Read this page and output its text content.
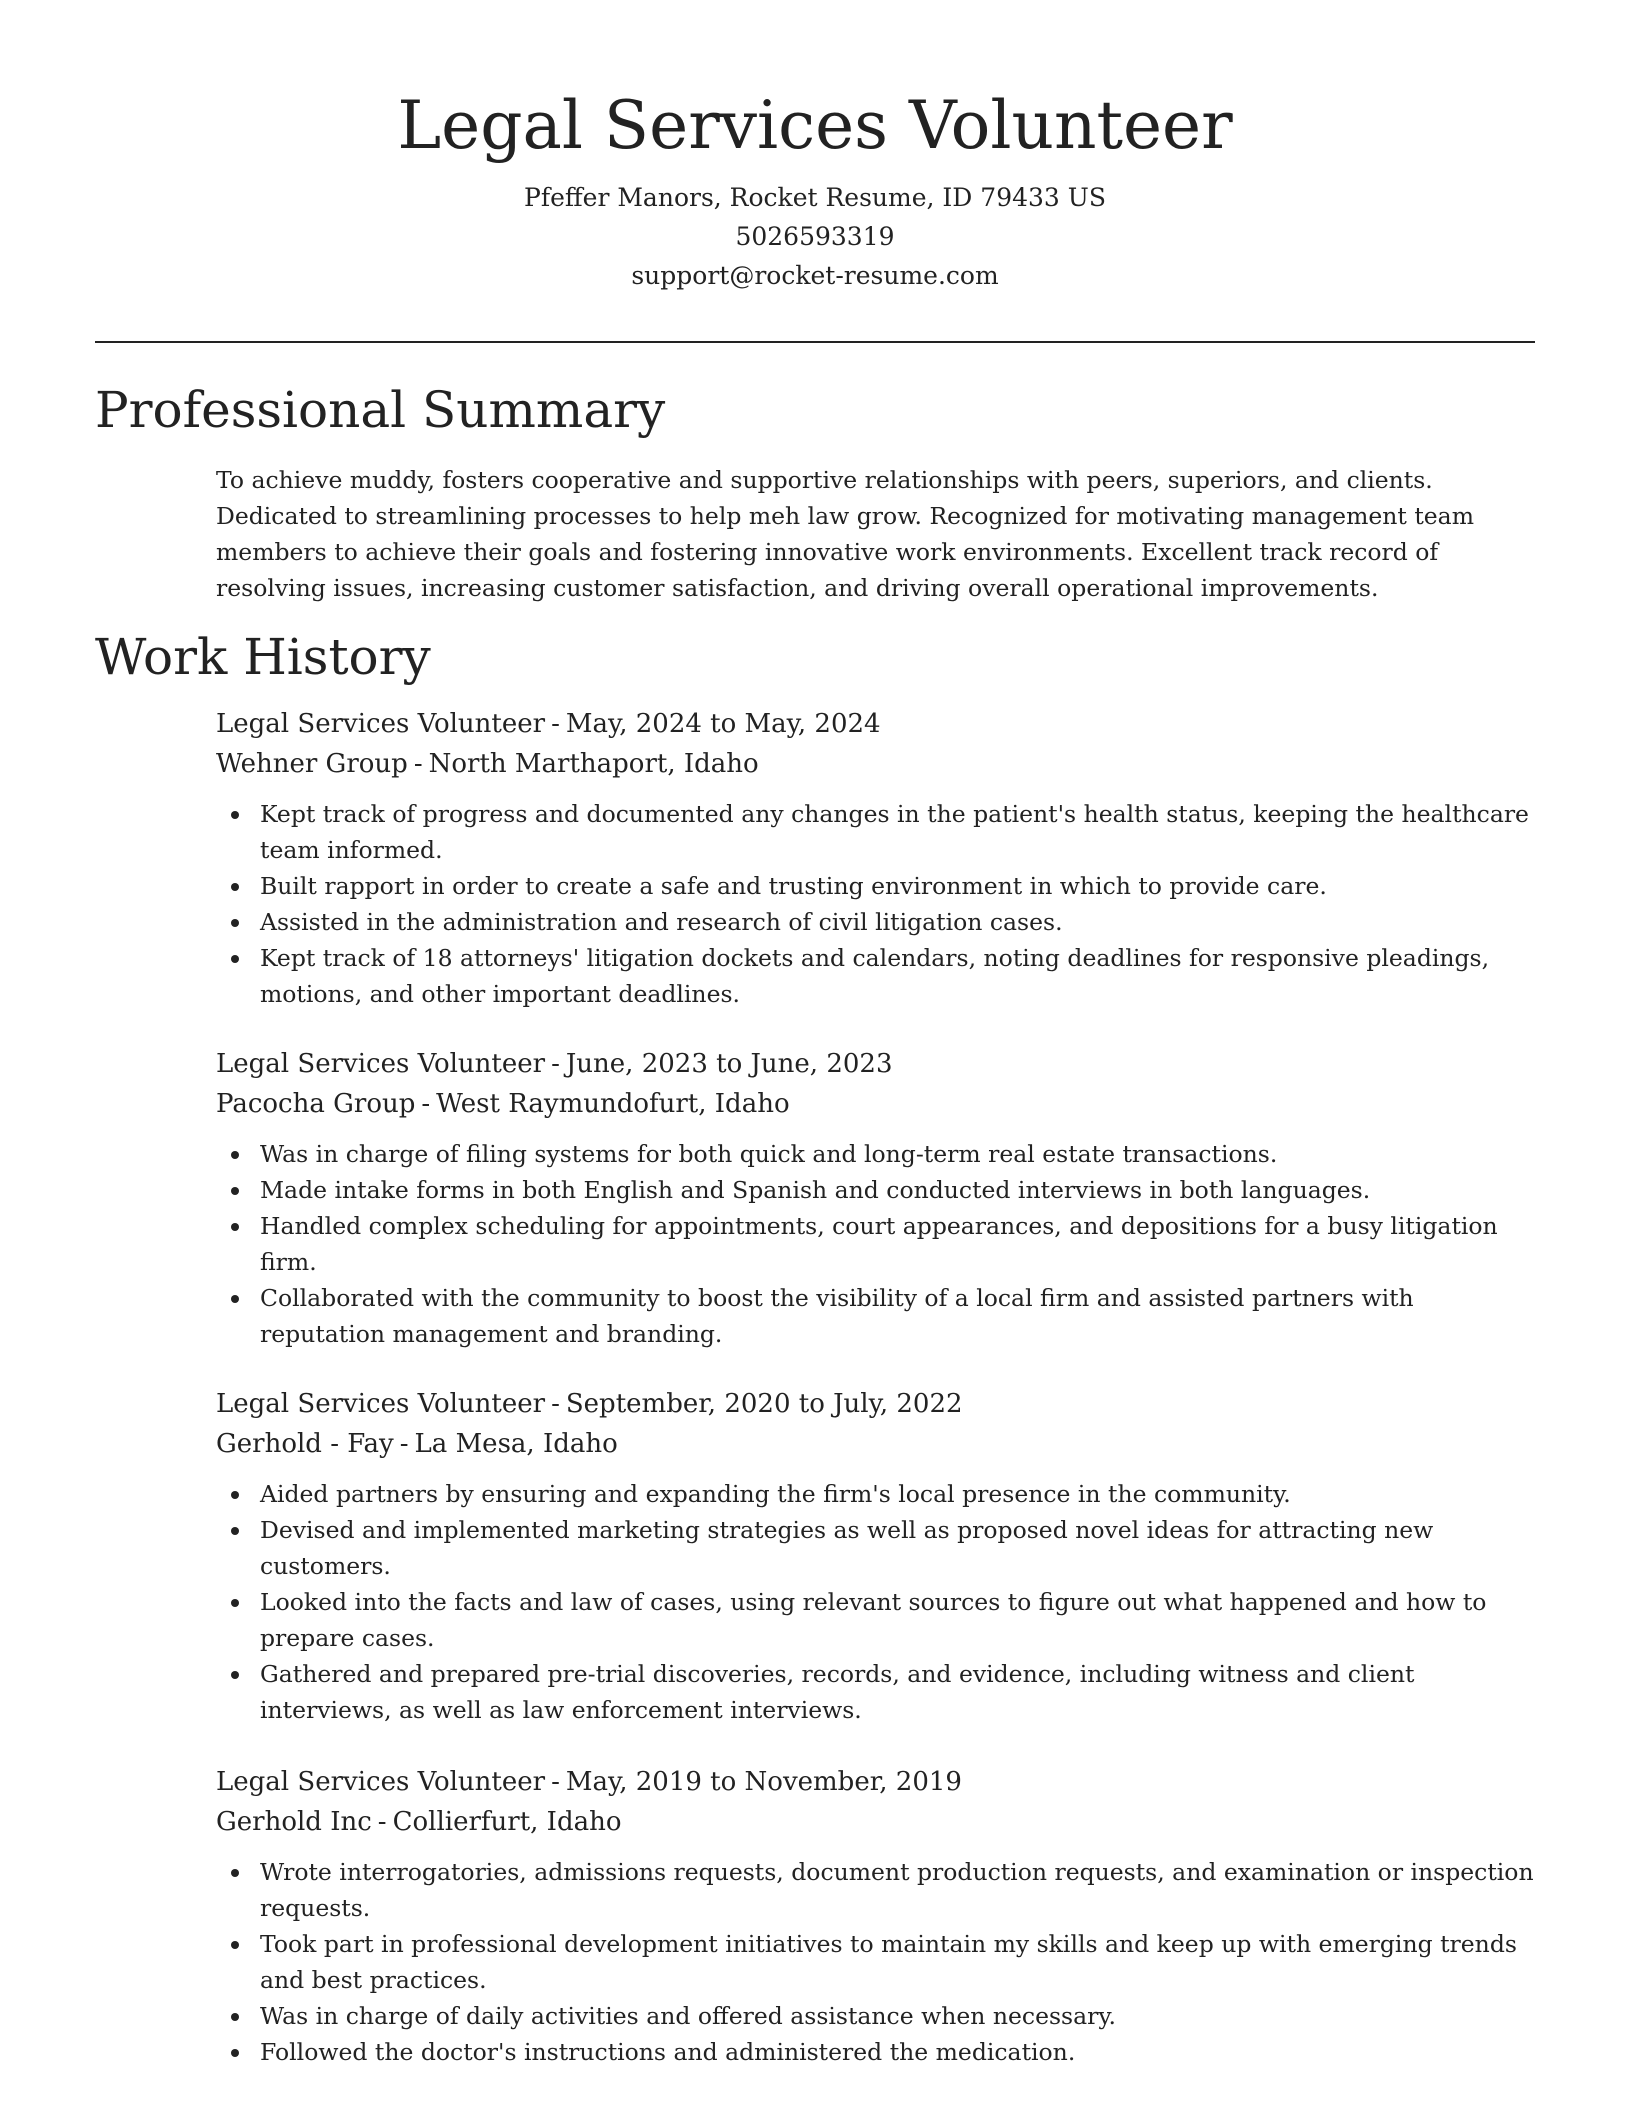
Legal Services Volunteer

Pfeffer Manors, Rocket Resume, ID 79433 US

5026593319

support@rocket-resume.com

Professional Summary

To achieve muddy, fosters cooperative and supportive relationships with peers, superiors, and clients. Dedicated to streamlining processes to help meh law grow. Recognized for motivating management team members to achieve their goals and fostering innovative work environments. Excellent track record of resolving issues, increasing customer satisfaction, and driving overall operational improvements.

Work History

Legal Services Volunteer - May, 2024 to May, 2024

Wehner Group - North Marthaport, Idaho

Kept track of progress and documented any changes in the patient's health status, keeping the healthcare team informed.
Built rapport in order to create a safe and trusting environment in which to provide care.
Assisted in the administration and research of civil litigation cases.
Kept track of 18 attorneys' litigation dockets and calendars, noting deadlines for responsive pleadings, motions, and other important deadlines.

Legal Services Volunteer - June, 2023 to June, 2023

Pacocha Group - West Raymundofurt, Idaho

Was in charge of filing systems for both quick and long-term real estate transactions.
Made intake forms in both English and Spanish and conducted interviews in both languages.
Handled complex scheduling for appointments, court appearances, and depositions for a busy litigation firm.
Collaborated with the community to boost the visibility of a local firm and assisted partners with reputation management and branding.

Legal Services Volunteer - September, 2020 to July, 2022

Gerhold - Fay - La Mesa, Idaho

Aided partners by ensuring and expanding the firm's local presence in the community.
Devised and implemented marketing strategies as well as proposed novel ideas for attracting new customers.
Looked into the facts and law of cases, using relevant sources to figure out what happened and how to prepare cases.
Gathered and prepared pre-trial discoveries, records, and evidence, including witness and client interviews, as well as law enforcement interviews.

Legal Services Volunteer - May, 2019 to November, 2019

Gerhold Inc - Collierfurt, Idaho

Wrote interrogatories, admissions requests, document production requests, and examination or inspection requests.
Took part in professional development initiatives to maintain my skills and keep up with emerging trends and best practices.
Was in charge of daily activities and offered assistance when necessary.
Followed the doctor's instructions and administered the medication.
